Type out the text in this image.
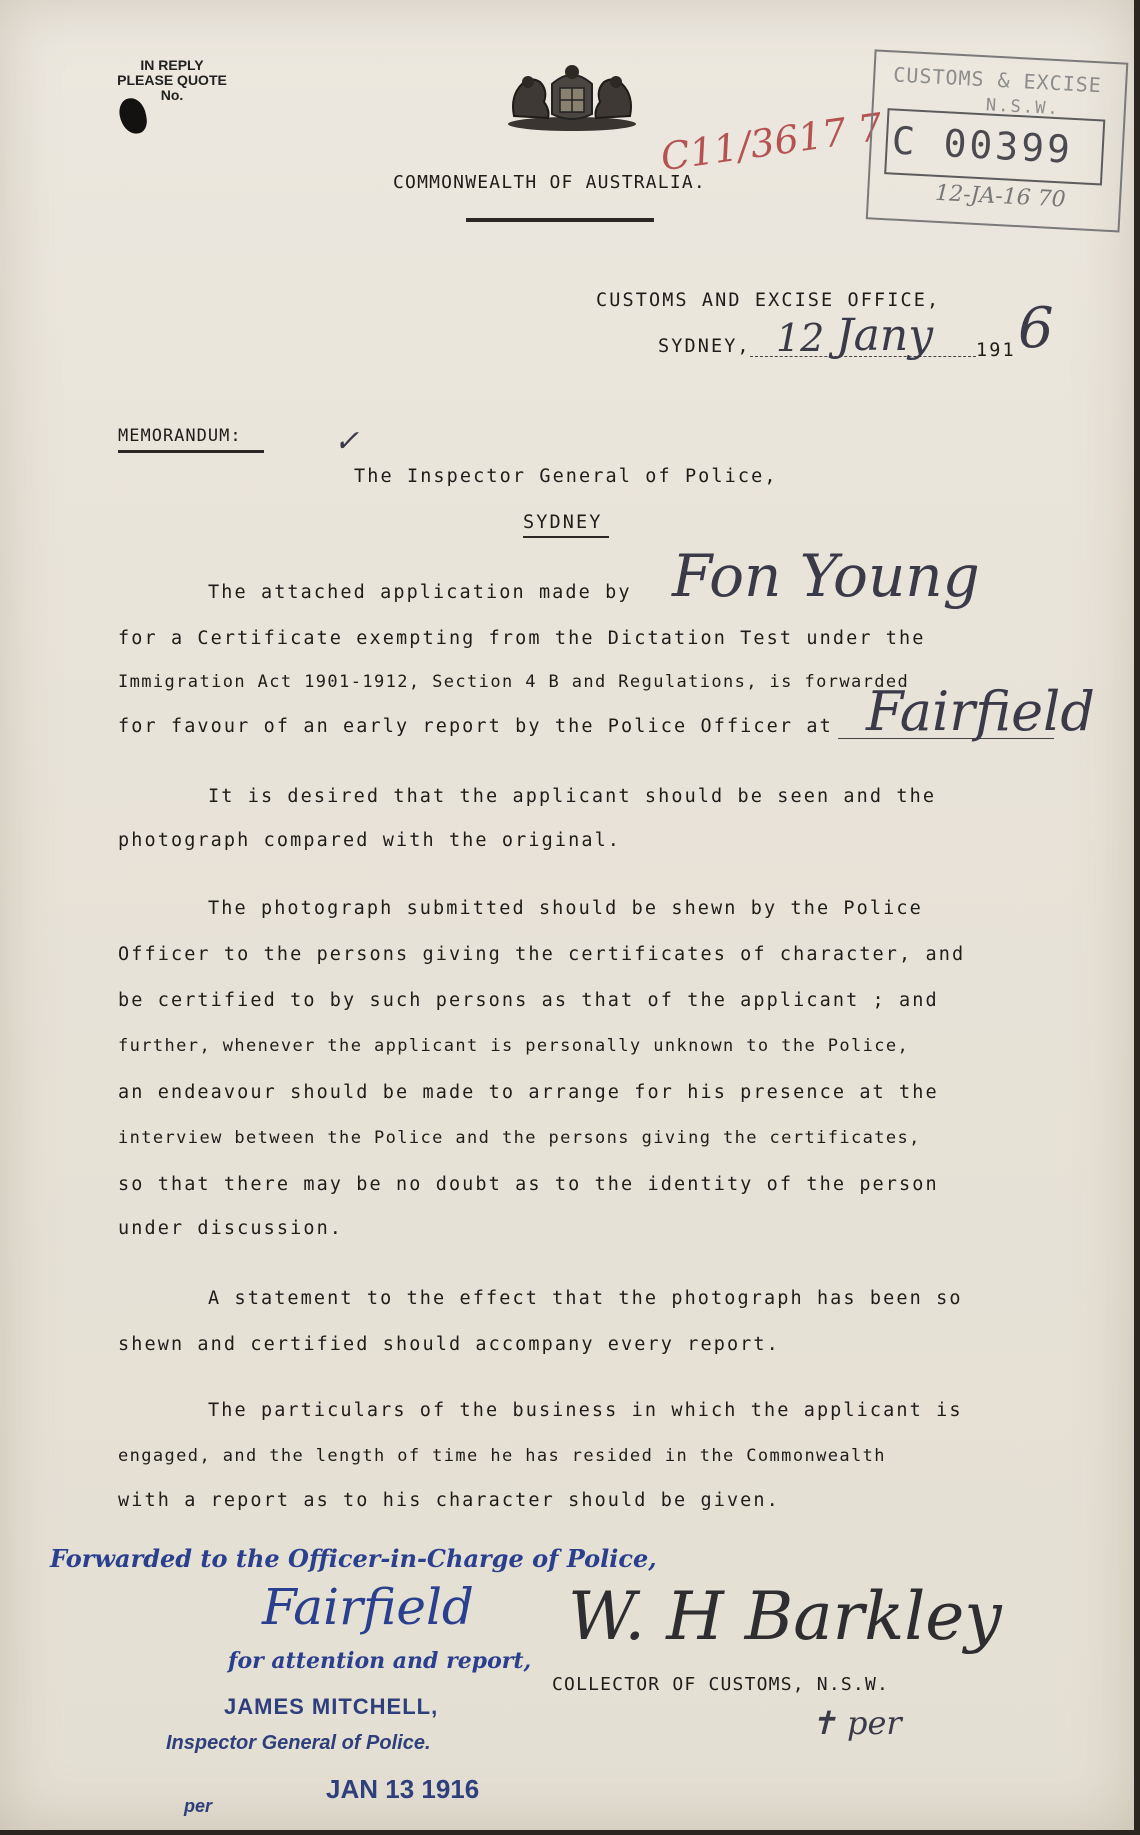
IN REPLY
PLEASE QUOTE
No.
COMMONWEALTH OF AUSTRALIA.
C11/3617 7
CUSTOMS & EXCISE
N.S.W.
C 00399
12-JA-16 70
CUSTOMS AND EXCISE OFFICE,
SYDNEY, 12 Jany 191 6
MEMORANDUM:	✓
The Inspector General of Police,
SYDNEY
The attached application made by Fon Young
for a Certificate exempting from the Dictation Test under the
Immigration Act 1901-1912, Section 4 B and Regulations, is forwarded
for favour of an early report by the Police Officer at Fairfield
It is desired that the applicant should be seen and the
photograph compared with the original.
The photograph submitted should be shewn by the Police
Officer to the persons giving the certificates of character, and
be certified to by such persons as that of the applicant ; and
further, whenever the applicant is personally unknown to the Police,
an endeavour should be made to arrange for his presence at the
interview between the Police and the persons giving the certificates,
so that there may be no doubt as to the identity of the person
under discussion.
A statement to the effect that the photograph has been so
shewn and certified should accompany every report.
The particulars of the business in which the applicant is
engaged, and the length of time he has resided in the Commonwealth
with a report as to his character should be given.
Forwarded to the Officer-in-Charge of Police,
Fairfield
for attention and report,
JAMES MITCHELL,
Inspector General of Police.
per
JAN 13 1916
W. H Barkley
COLLECTOR OF CUSTOMS, N.S.W.
✝ per
